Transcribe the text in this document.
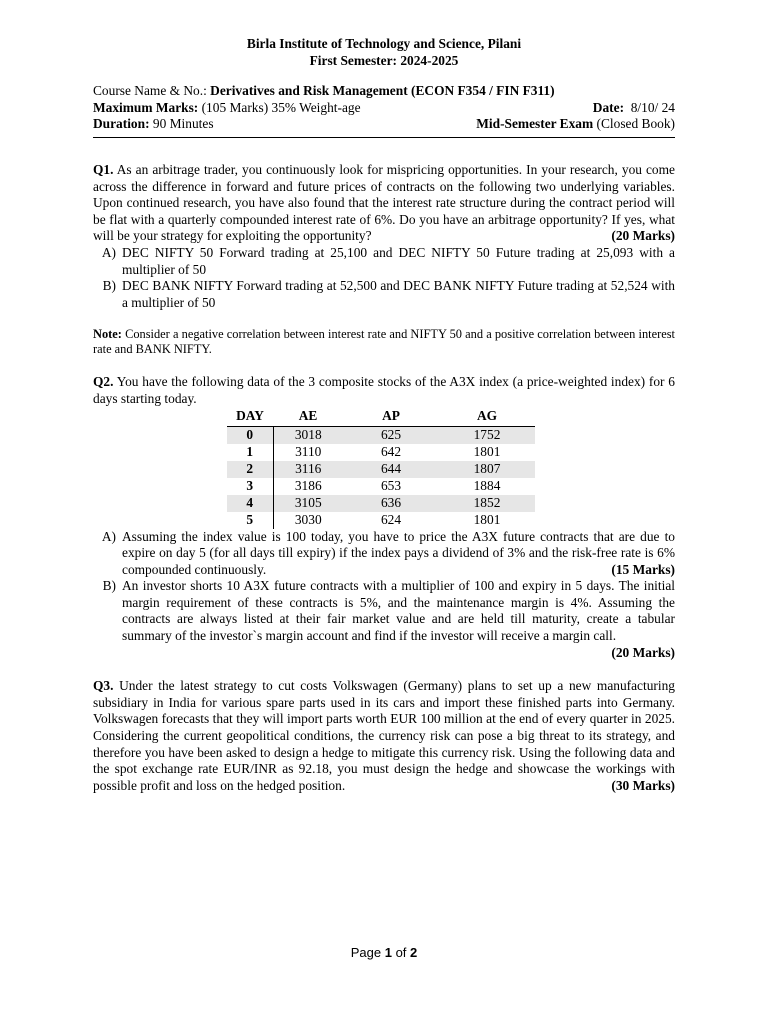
Birla Institute of Technology and Science, Pilani
First Semester: 2024-2025
Course Name & No.: Derivatives and Risk Management (ECON F354 / FIN F311)
Maximum Marks: (105 Marks) 35% Weight-age	Date:  8/10/ 24
Duration: 90 Minutes	Mid-Semester Exam (Closed Book)
Q1. As an arbitrage trader, you continuously look for mispricing opportunities. In your research, you come across the difference in forward and future prices of contracts on the following two underlying variables. Upon continued research, you have also found that the interest rate structure during the contract period will be flat with a quarterly compounded interest rate of 6%. Do you have an arbitrage opportunity? If yes, what will be your strategy for exploiting the opportunity?	(20 Marks)
A) DEC NIFTY 50 Forward trading at 25,100 and DEC NIFTY 50 Future trading at 25,093 with a multiplier of 50
B) DEC BANK NIFTY Forward trading at 52,500 and DEC BANK NIFTY Future trading at 52,524 with a multiplier of 50
Note: Consider a negative correlation between interest rate and NIFTY 50 and a positive correlation between interest rate and BANK NIFTY.
Q2. You have the following data of the 3 composite stocks of the A3X index (a price-weighted index) for 6 days starting today.
DAY	AE	AP	AG
0	3018	625	1752
1	3110	642	1801
2	3116	644	1807
3	3186	653	1884
4	3105	636	1852
5	3030	624	1801
A) Assuming the index value is 100 today, you have to price the A3X future contracts that are due to expire on day 5 (for all days till expiry) if the index pays a dividend of 3% and the risk-free rate is 6% compounded continuously.	(15 Marks)
B) An investor shorts 10 A3X future contracts with a multiplier of 100 and expiry in 5 days. The initial margin requirement of these contracts is 5%, and the maintenance margin is 4%. Assuming the contracts are always listed at their fair market value and are held till maturity, create a tabular summary of the investor`s margin account and find if the investor will receive a margin call.
(20 Marks)
Q3. Under the latest strategy to cut costs Volkswagen (Germany) plans to set up a new manufacturing subsidiary in India for various spare parts used in its cars and import these finished parts into Germany. Volkswagen forecasts that they will import parts worth EUR 100 million at the end of every quarter in 2025. Considering the current geopolitical conditions, the currency risk can pose a big threat to its strategy, and therefore you have been asked to design a hedge to mitigate this currency risk. Using the following data and the spot exchange rate EUR/INR as 92.18, you must design the hedge and showcase the workings with possible profit and loss on the hedged position.	(30 Marks)
Page 1 of 2
